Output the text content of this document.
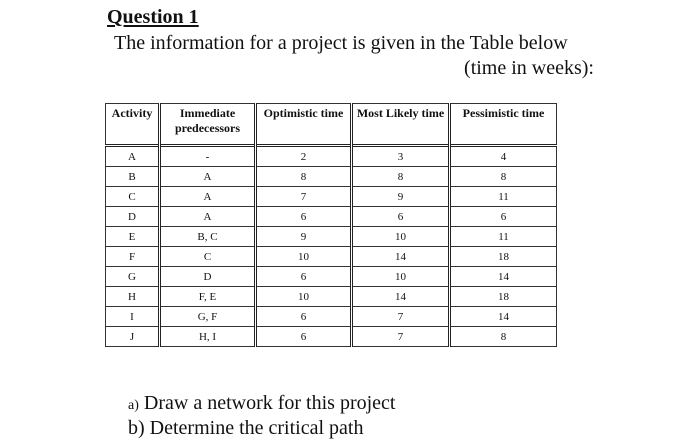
Question 1
The information for a project is given in the Table below
(time in weeks):
Activity	Immediate predecessors	Optimistic time	Most Likely time	Pessimistic time
A	-	2	3	4
B	A	8	8	8
C	A	7	9	11
D	A	6	6	6
E	B, C	9	10	11
F	C	10	14	18
G	D	6	10	14
H	F, E	10	14	18
I	G, F	6	7	14
J	H, I	6	7	8
a) Draw a network for this project
b) Determine the critical path
